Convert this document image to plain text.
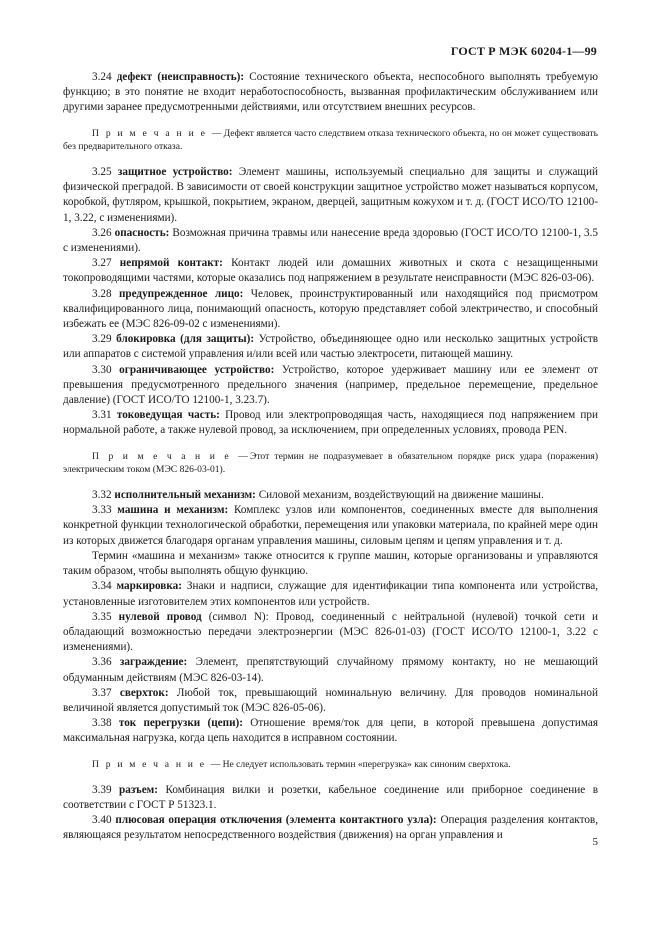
ГОСТ Р МЭК 60204-1—99

3.24 дефект (неисправность): Состояние технического объекта, неспособного выполнять требуемую функцию; в это понятие не входит неработоспособность, вызванная профилактическим обслуживанием или другими заранее предусмотренными действиями, или отсутствием внешних ресурсов.

П р и м е ч а н и е —Дефект является часто следствием отказа технического объекта, но он может существовать без предварительного отказа.

3.25 защитное устройство: Элемент машины, используемый специально для защиты и служащий физической преградой. В зависимости от своей конструкции защитное устройство может называться корпусом, коробкой, футляром, крышкой, покрытием, экраном, дверцей, защитным кожухом и т. д. (ГОСТ ИСО/ТО 12100-1, 3.22, с изменениями).

3.26 опасность: Возможная причина травмы или нанесение вреда здоровью (ГОСТ ИСО/ТО 12100-1, 3.5 с изменениями).

3.27 непрямой контакт: Контакт людей или домашних животных и скота с незащищенными токопроводящими частями, которые оказались под напряжением в результате неисправности (МЭС 826-03-06).

3.28 предупрежденное лицо: Человек, проинструктированный или находящийся под присмотром квалифицированного лица, понимающий опасность, которую представляет собой электричество, и способный избежать ее (МЭС 826-09-02 с изменениями).

3.29 блокировка (для защиты): Устройство, объединяющее одно или несколько защитных устройств или аппаратов с системой управления и/или всей или частью электросети, питающей машину.

3.30 ограничивающее устройство: Устройство, которое удерживает машину или ее элемент от превышения предусмотренного предельного значения (например, предельное перемещение, предельное давление) (ГОСТ ИСО/ТО 12100-1, 3.23.7).

3.31 токоведущая часть: Провод или электропроводящая часть, находящиеся под напряжением при нормальной работе, а также нулевой провод, за исключением, при определенных условиях, провода PEN.

П р и м е ч а н и е —Этот термин не подразумевает в обязательном порядке риск удара (поражения) электрическим током (МЭС 826-03-01).

3.32 исполнительный механизм: Силовой механизм, воздействующий на движение машины.

3.33 машина и механизм: Комплекс узлов или компонентов, соединенных вместе для выполнения конкретной функции технологической обработки, перемещения или упаковки материала, по крайней мере один из которых движется благодаря органам управления машины, силовым цепям и цепям управления и т. д.

Термин «машина и механизм» также относится к группе машин, которые организованы и управляются таким образом, чтобы выполнять общую функцию.

3.34 маркировка: Знаки и надписи, служащие для идентификации типа компонента или устройства, установленные изготовителем этих компонентов или устройств.

3.35 нулевой провод (символ N): Провод, соединенный с нейтральной (нулевой) точкой сети и обладающий возможностью передачи электроэнергии (МЭС 826-01-03) (ГОСТ ИСО/ТО 12100-1, 3.22 с изменениями).

3.36 заграждение: Элемент, препятствующий случайному прямому контакту, но не мешающий обдуманным действиям (МЭС 826-03-14).

3.37 сверхток: Любой ток, превышающий номинальную величину. Для проводов номинальной величиной является допустимый ток (МЭС 826-05-06).

3.38 ток перегрузки (цепи): Отношение время/ток для цепи, в которой превышена допустимая максимальная нагрузка, когда цепь находится в исправном состоянии.

П р и м е ч а н и е —Не следует использовать термин «перегрузка» как синоним сверхтока.

3.39 разъем: Комбинация вилки и розетки, кабельное соединение или приборное соединение в соответствии с ГОСТ Р 51323.1.

3.40 плюсовая операция отключения (элемента контактного узла): Операция разделения контактов, являющаяся результатом непосредственного воздействия (движения) на орган управления и

5
